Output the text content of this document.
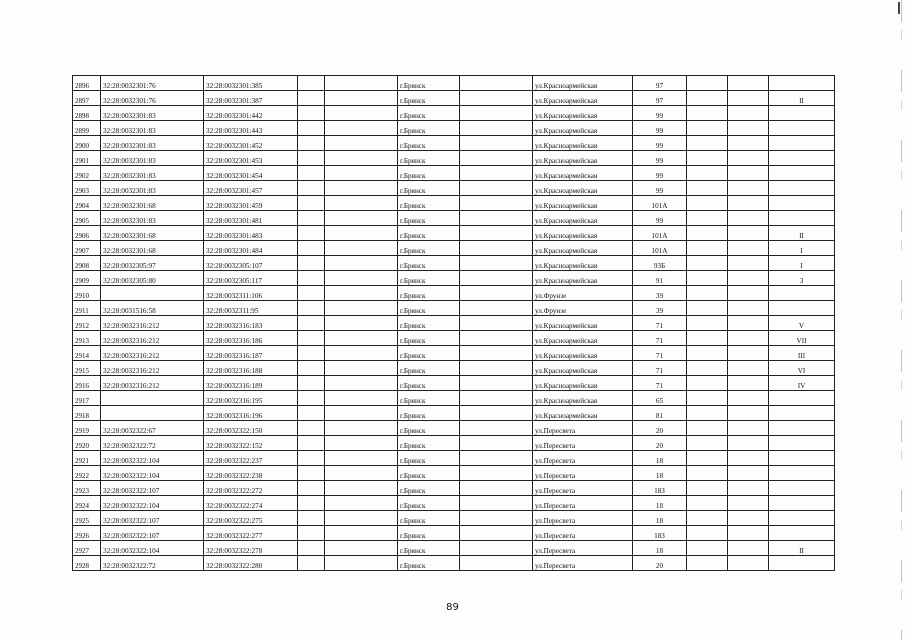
2896	32:28:0032301:76	32:28:0032301:385			г.Брянск		ул.Красноармейская	97			
2897	32:28:0032301:76	32:28:0032301:387			г.Брянск		ул.Красноармейская	97			II
2898	32:28:0032301:83	32:28:0032301:442			г.Брянск		ул.Красноармейская	99			
2899	32:28:0032301:83	32:28:0032301:443			г.Брянск		ул.Красноармейская	99			
2900	32:28:0032301:83	32:28:0032301:452			г.Брянск		ул.Красноармейская	99			
2901	32:28:0032301:83	32:28:0032301:453			г.Брянск		ул.Красноармейская	99			
2902	32:28:0032301:83	32:28:0032301:454			г.Брянск		ул.Красноармейская	99			
2903	32:28:0032301:83	32:28:0032301:457			г.Брянск		ул.Красноармейская	99			
2904	32:28:0032301:68	32:28:0032301:459			г.Брянск		ул.Красноармейская	101А			
2905	32:28:0032301:83	32:28:0032301:481			г.Брянск		ул.Красноармейская	99			
2906	32:28:0032301:68	32:28:0032301:483			г.Брянск		ул.Красноармейская	101А			II
2907	32:28:0032301:68	32:28:0032301:484			г.Брянск		ул.Красноармейская	101А			I
2908	32:28:0032305:97	32:28:0032305:107			г.Брянск		ул.Красноармейская	93Б			I
2909	32:28:0032305:80	32:28:0032305:117			г.Брянск		ул.Красноармейская	91			3
2910		32:28:0032311:106			г.Брянск		ул.Фрунзе	39			
2911	32:28:0031516:58	32:28:0032311:95			г.Брянск		ул.Фрунзе	39			
2912	32:28:0032316:212	32:28:0032316:183			г.Брянск		ул.Красноармейская	71			V
2913	32:28:0032316:212	32:28:0032316:186			г.Брянск		ул.Красноармейская	71			VII
2914	32:28:0032316:212	32:28:0032316:187			г.Брянск		ул.Красноармейская	71			III
2915	32:28:0032316:212	32:28:0032316:188			г.Брянск		ул.Красноармейская	71			VI
2916	32:28:0032316:212	32:28:0032316:189			г.Брянск		ул.Красноармейская	71			IV
2917		32:28:0032316:195			г.Брянск		ул.Красноармейская	65			
2918		32:28:0032316:196			г.Брянск		ул.Красноармейская	81			
2919	32:28:0032322:67	32:28:0032322:150			г.Брянск		ул.Пересвета	20			
2920	32:28:0032322:72	32:28:0032322:152			г.Брянск		ул.Пересвета	20			
2921	32:28:0032322:104	32:28:0032322:237			г.Брянск		ул.Пересвета	18			
2922	32:28:0032322:104	32:28:0032322:238			г.Брянск		ул.Пересвета	18			
2923	32:28:0032322:107	32:28:0032322:272			г.Брянск		ул.Пересвета	18З			
2924	32:28:0032322:104	32:28:0032322:274			г.Брянск		ул.Пересвета	18			
2925	32:28:0032322:107	32:28:0032322:275			г.Брянск		ул.Пересвета	18			
2926	32:28:0032322:107	32:28:0032322:277			г.Брянск		ул.Пересвета	18З			
2927	32:28:0032322:104	32:28:0032322:278			г.Брянск		ул.Пересвета	18			II
2928	32:28:0032322:72	32:28:0032322:280			г.Брянск		ул.Пересвета	20			
89
